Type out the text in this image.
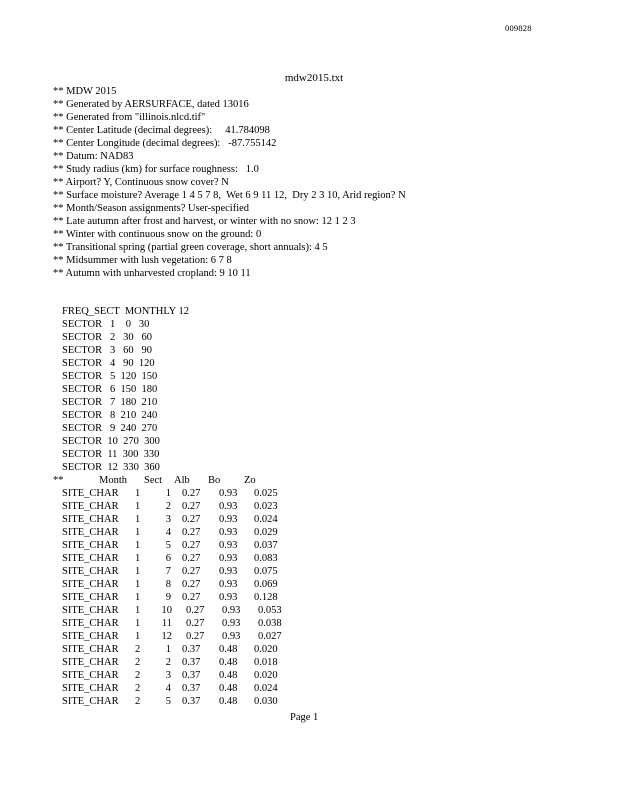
009828
mdw2015.txt
** MDW 2015
** Generated by AERSURFACE, dated 13016
** Generated from "illinois.nlcd.tif"
** Center Latitude (decimal degrees):     41.784098
** Center Longitude (decimal degrees):   -87.755142
** Datum: NAD83
** Study radius (km) for surface roughness:   1.0
** Airport? Y, Continuous snow cover? N
** Surface moisture? Average 1 4 5 7 8,  Wet 6 9 11 12,  Dry 2 3 10, Arid region? N
** Month/Season assignments? User-specified
** Late autumn after frost and harvest, or winter with no snow: 12 1 2 3
** Winter with continuous snow on the ground: 0
** Transitional spring (partial green coverage, short annuals): 4 5
** Midsummer with lush vegetation: 6 7 8
** Autumn with unharvested cropland: 9 10 11
FREQ_SECT  MONTHLY 12
SECTOR   1    0   30
SECTOR   2   30   60
SECTOR   3   60   90
SECTOR   4   90  120
SECTOR   5  120  150
SECTOR   6  150  180
SECTOR   7  180  210
SECTOR   8  210  240
SECTOR   9  240  270
SECTOR  10  270  300
SECTOR  11  300  330
SECTOR  12  330  360
**	Month Sect Alb Bo Zo
SITE_CHAR 1	1 0.27 0.93 0.025
SITE_CHAR 1	2 0.27 0.93 0.023
SITE_CHAR 1	3 0.27 0.93 0.024
SITE_CHAR 1	4 0.27 0.93 0.029
SITE_CHAR 1	5 0.27 0.93 0.037
SITE_CHAR 1	6 0.27 0.93 0.083
SITE_CHAR 1	7 0.27 0.93 0.075
SITE_CHAR 1	8 0.27 0.93 0.069
SITE_CHAR 1	9 0.27 0.93 0.128
SITE_CHAR 1 10 0.27 0.93 0.053
SITE_CHAR 1 11 0.27 0.93 0.038
SITE_CHAR 1 12 0.27 0.93 0.027
SITE_CHAR 2	1 0.37 0.48 0.020
SITE_CHAR 2	2 0.37 0.48 0.018
SITE_CHAR 2	3 0.37 0.48 0.020
SITE_CHAR 2	4 0.37 0.48 0.024
SITE_CHAR 2	5 0.37 0.48 0.030
Page 1
